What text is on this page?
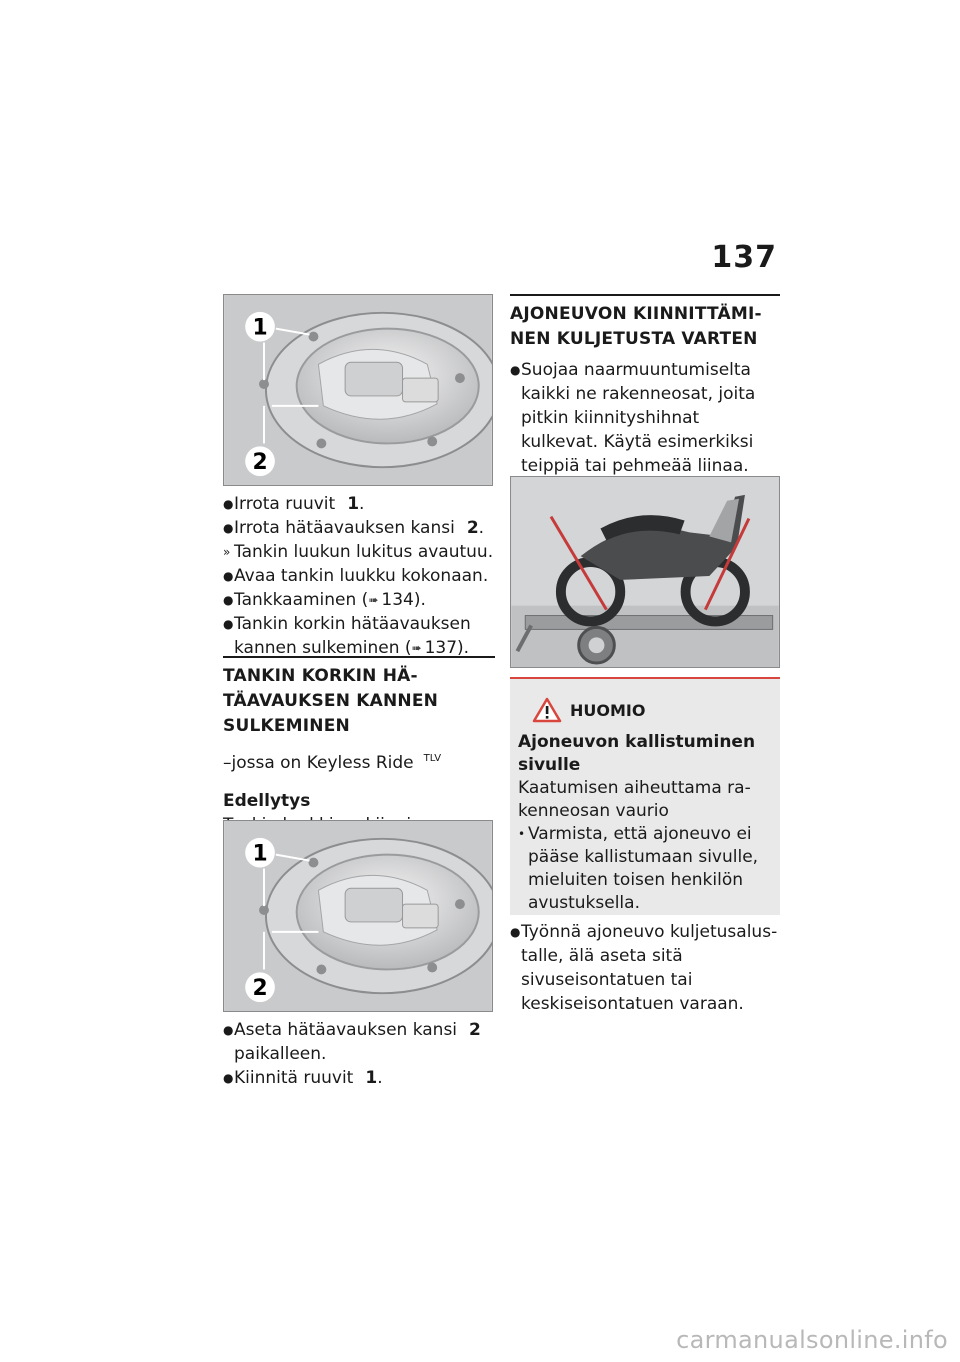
137
1
2
● Irrota ruuvit 1.
● Irrota hätäavauksen kansi 2.
» Tankin luukun lukitus avautuu.
● Avaa tankin luukku kokonaan.
● Tankkaaminen (➠ 134).
● Tankin korkin hätäavauksen kannen sulkeminen (➠ 137).
TANKIN KORKIN HÄTÄAVAUKSEN KANNEN SULKEMINEN
–jossa on Keyless Ride $^{TLV}$
Edellytys
1
2
● Aseta hätäavauksen kansi 2 paikalleen.
● Kiinnitä ruuvit 1.
AJONEUVON KIINNITTÄMINEN KULJETUSTA VARTEN
● Suojaa naarmuuntumiselta kaikki ne rakenneosat, joita pitkin kiinnityshihnat kulkevat. Käytä esimerkiksi teippiä tai pehmeää liinaa.
HUOMIO
Ajoneuvon kallistuminen sivulle
Kaatumisen aiheuttama rakenneosan vaurio
• Varmista, että ajoneuvo ei pääse kallistumaan sivulle, mieluiten toisen henkilön avustuksella.
● Työnnä ajoneuvo kuljetusalustalle, älä aseta sitä sivuseisontatuen tai keskiseisontatuen varaan.
carmanualsonline.info
